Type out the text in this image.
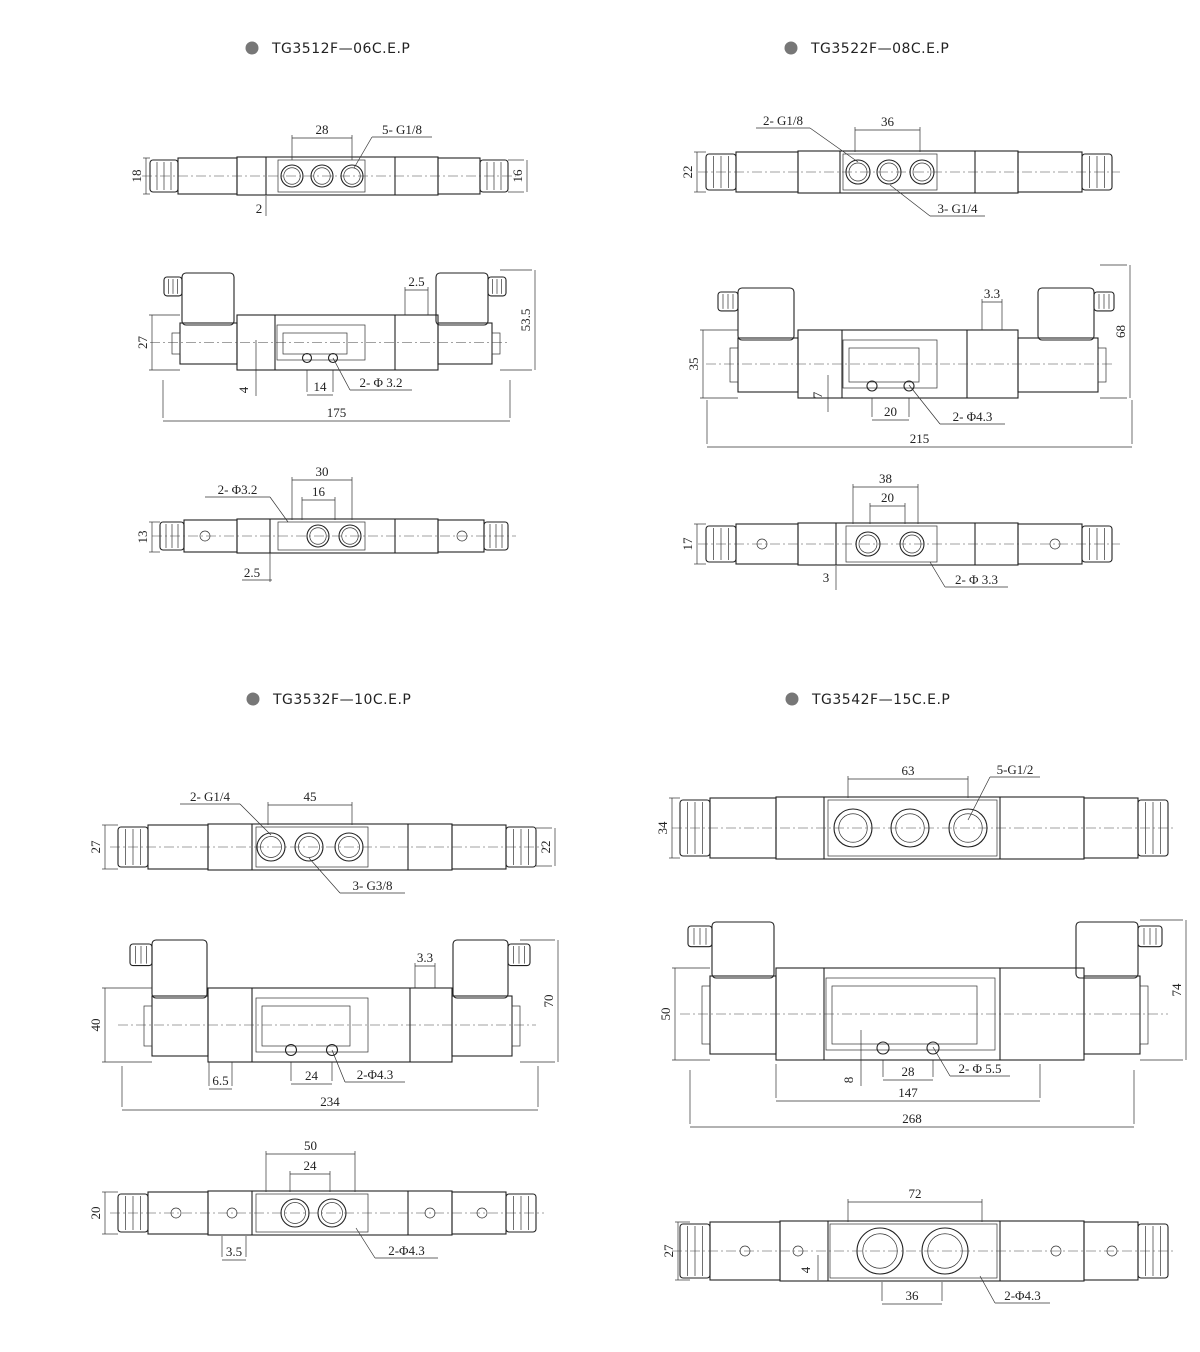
TG3512F—06C.E.P
18	16
28	5- G1/8
2
27
53.5
2.5
4	14	2- Φ 3.2
175
30
16
13
2- Φ3.2
2.5
TG3522F—08C.E.P
22
36
2- G1/8
3- G1/4
35
68
3.3
7
20	2- Φ4.3
215
38
20
17
3	2- Φ 3.3
TG3532F—10C.E.P
27	22
45
2- G1/4
3- G3/8
40
70
3.3
6.5	24	2-Φ4.3
234
50
24
20
3.5	2-Φ4.3
TG3542F—15C.E.P
34
63	5-G1/2
50
74
8
28	2- Φ 5.5
147
268
72
36
27
4
2-Φ4.3
